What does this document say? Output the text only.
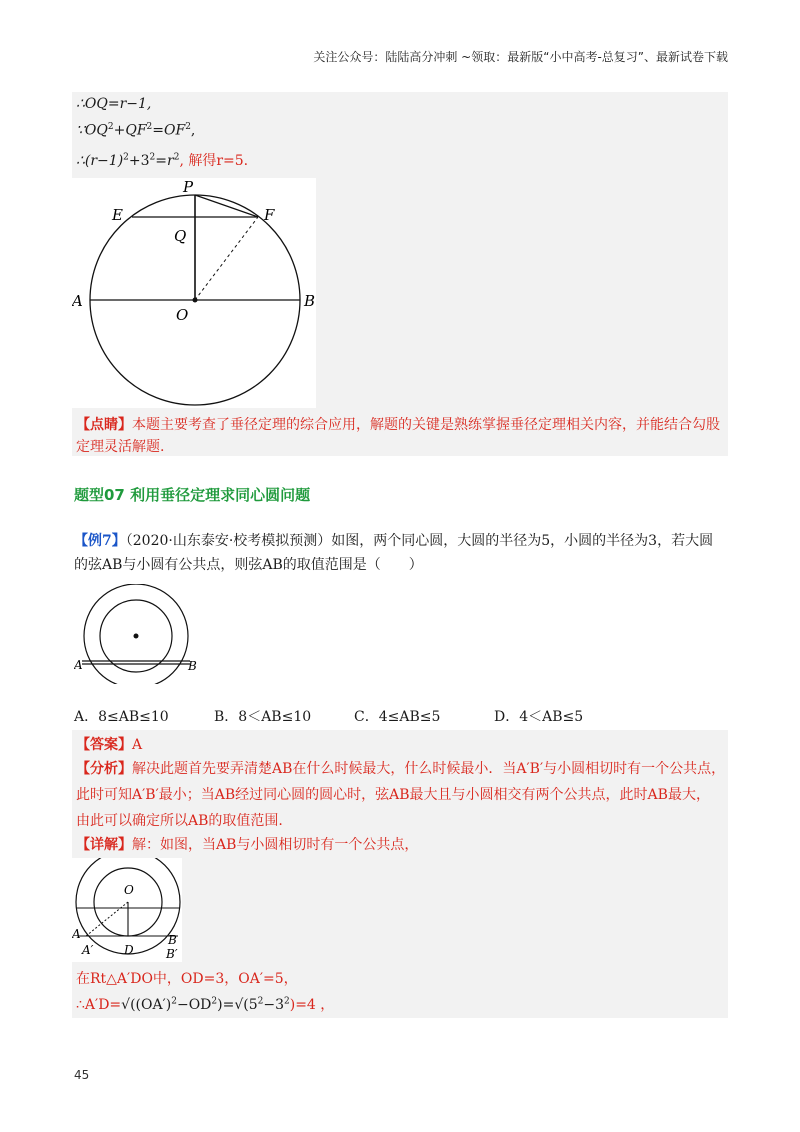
关注公众号：陆陆高分冲刺 ~领取：最新版“小中高考-总复习”、最新试卷下载
∴OQ=r−1,
$\because OQ^2+QF^2=OF^2$,
$\therefore(r-1)^2+3^2=r^2$, 解得r=5.
P
E	F
Q
A	B
O
【点睛】本题主要考查了垂径定理的综合应用，解题的关键是熟练掌握垂径定理相关内容，并能结合勾股
定理灵活解题.
题型07 利用垂径定理求同心圆问题
【例7】（2020·山东泰安·校考模拟预测）如图，两个同心圆，大圆的半径为5，小圆的半径为3，若大圆
的弦AB与小圆有公共点，则弦AB的取值范围是（　　）
A	B
A．8≤AB≤10	B．8＜AB≤10	C．4≤AB≤5	D．4＜AB≤5
【答案】A
【分析】解决此题首先要弄清楚AB在什么时候最大，什么时候最小．当A′B′与小圆相切时有一个公共点，
此时可知A′B′最小；当AB经过同心圆的圆心时，弦AB最大且与小圆相交有两个公共点，此时AB最大，
由此可以确定所以AB的取值范围.
【详解】解：如图，当AB与小圆相切时有一个公共点，
O
A
A′	D
B
B′
在Rt△A′DO中，OD=3，OA′=5，
$\therefore A'D=√((OA')^2-OD^2)=√(5^2-3^2)=4$ ，
45
